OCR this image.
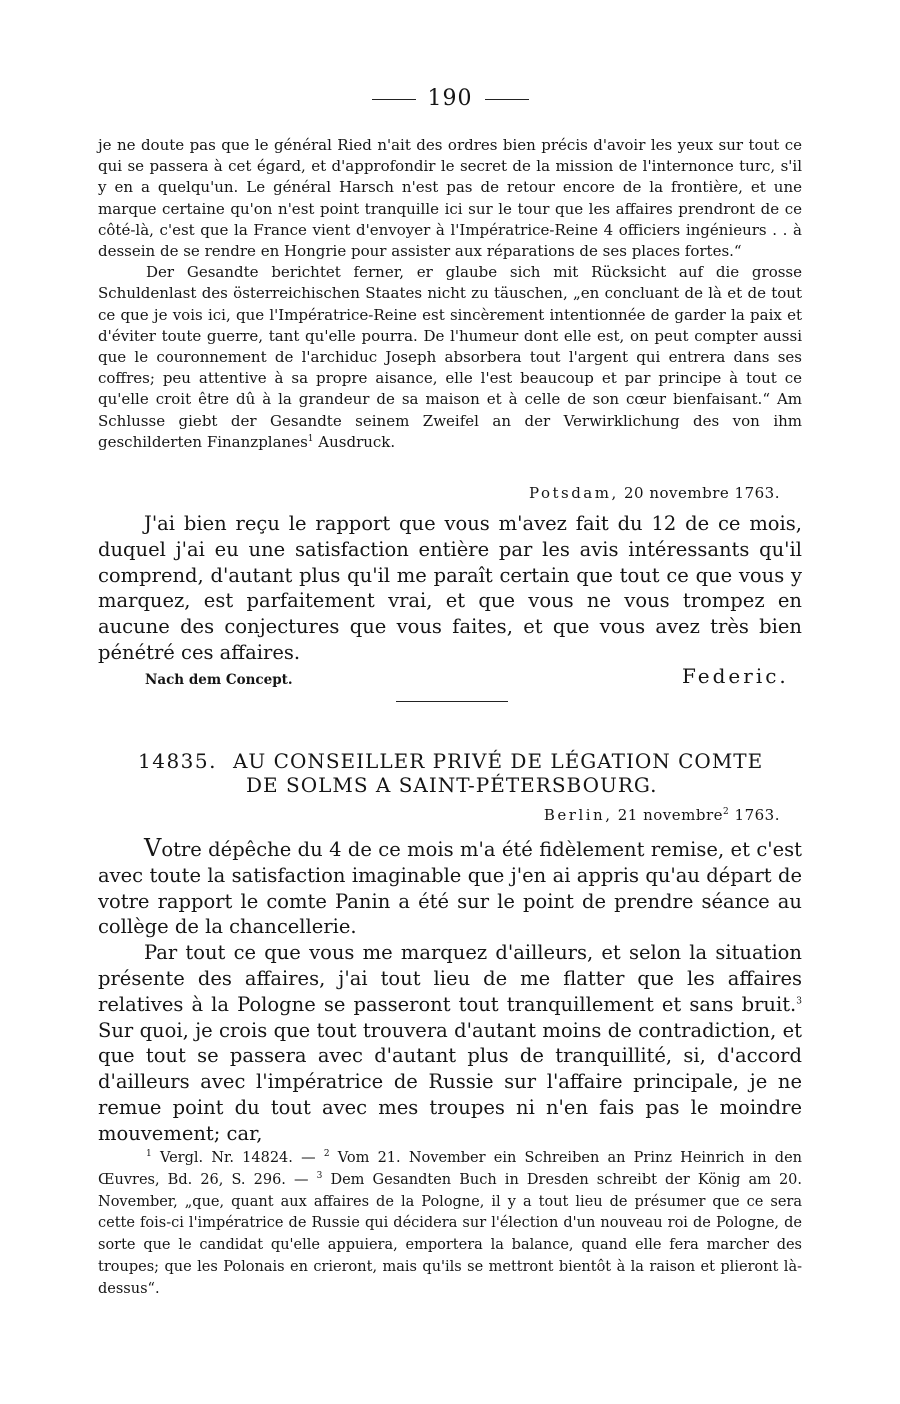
190

je ne doute pas que le général Ried n'ait des ordres bien précis d'avoir les yeux sur tout ce qui se passera à cet égard, et d'approfondir le secret de la mission de l'internonce turc, s'il y en a quelqu'un. Le général Harsch n'est pas de retour encore de la frontière, et une marque certaine qu'on n'est point tranquille ici sur le tour que les affaires prendront de ce côté-là, c'est que la France vient d'envoyer à l'Impératrice-Reine 4 officiers ingénieurs . . à dessein de se rendre en Hongrie pour assister aux réparations de ses places fortes.“

Der Gesandte berichtet ferner, er glaube sich mit Rücksicht auf die grosse Schuldenlast des österreichischen Staates nicht zu täuschen, „en concluant de là et de tout ce que je vois ici, que l'Impératrice-Reine est sincèrement intentionnée de garder la paix et d'éviter toute guerre, tant qu'elle pourra. De l'humeur dont elle est, on peut compter aussi que le couronnement de l'archiduc Joseph absorbera tout l'argent qui entrera dans ses coffres; peu attentive à sa propre aisance, elle l'est beaucoup et par principe à tout ce qu'elle croit être dû à la grandeur de sa maison et à celle de son cœur bienfaisant.“ Am Schlusse giebt der Gesandte seinem Zweifel an der Verwirklichung des von ihm geschilderten Finanzplanes$^1$ Ausdruck.

Potsdam, 20 novembre 1763.

J'ai bien reçu le rapport que vous m'avez fait du 12 de ce mois, duquel j'ai eu une satisfaction entière par les avis intéressants qu'il comprend, d'autant plus qu'il me paraît certain que tout ce que vous y marquez, est parfaitement vrai, et que vous ne vous trompez en aucune des conjectures que vous faites, et que vous avez très bien pénétré ces affaires.

Nach dem Concept.	Federic.
14835. AU CONSEILLER PRIVÉ DE LÉGATION COMTE
DE SOLMS A SAINT-PÉTERSBOURG.
Berlin, 21 novembre$^2$ 1763.

Votre dépêche du 4 de ce mois m'a été fidèlement remise, et c'est avec toute la satisfaction imaginable que j'en ai appris qu'au départ de votre rapport le comte Panin a été sur le point de prendre séance au collège de la chancellerie.

Par tout ce que vous me marquez d'ailleurs, et selon la situation présente des affaires, j'ai tout lieu de me flatter que les affaires relatives à la Pologne se passeront tout tranquillement et sans bruit.$^3$ Sur quoi, je crois que tout trouvera d'autant moins de contradiction, et que tout se passera avec d'autant plus de tranquillité, si, d'accord d'ailleurs avec l'impératrice de Russie sur l'affaire principale, je ne remue point du tout avec mes troupes ni n'en fais pas le moindre mouvement; car,

$^1$ Vergl. Nr. 14824. — $^2$ Vom 21. November ein Schreiben an Prinz Heinrich in den Œuvres, Bd. 26, S. 296. — $^3$ Dem Gesandten Buch in Dresden schreibt der König am 20. November, „que, quant aux affaires de la Pologne, il y a tout lieu de présumer que ce sera cette fois-ci l'impératrice de Russie qui décidera sur l'élection d'un nouveau roi de Pologne, de sorte que le candidat qu'elle appuiera, emportera la balance, quand elle fera marcher des troupes; que les Polonais en crieront, mais qu'ils se mettront bientôt à la raison et plieront là-dessus“.
